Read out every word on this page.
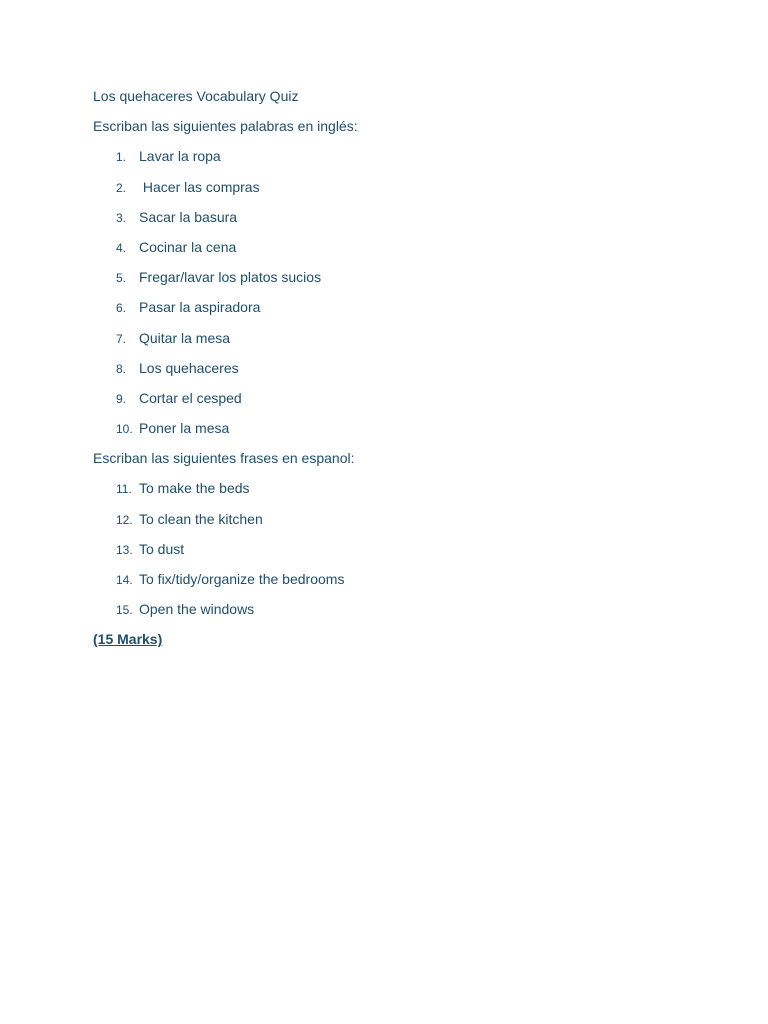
Los quehaceres Vocabulary Quiz
Escriban las siguientes palabras en inglés:

1.

Lavar la ropa

2.

Hacer las compras

3.

Sacar la basura

4.

Cocinar la cena

5.

Fregar/lavar los platos sucios

6.

Pasar la aspiradora

7.

Quitar la mesa

8.

Los quehaceres

9.

Cortar el cesped

10.

Poner la mesa

Escriban las siguientes frases en espanol:

11.

To make the beds

12.

To clean the kitchen

13.

To dust

14.

To fix/tidy/organize the bedrooms

15.

Open the windows

(15 Marks)
